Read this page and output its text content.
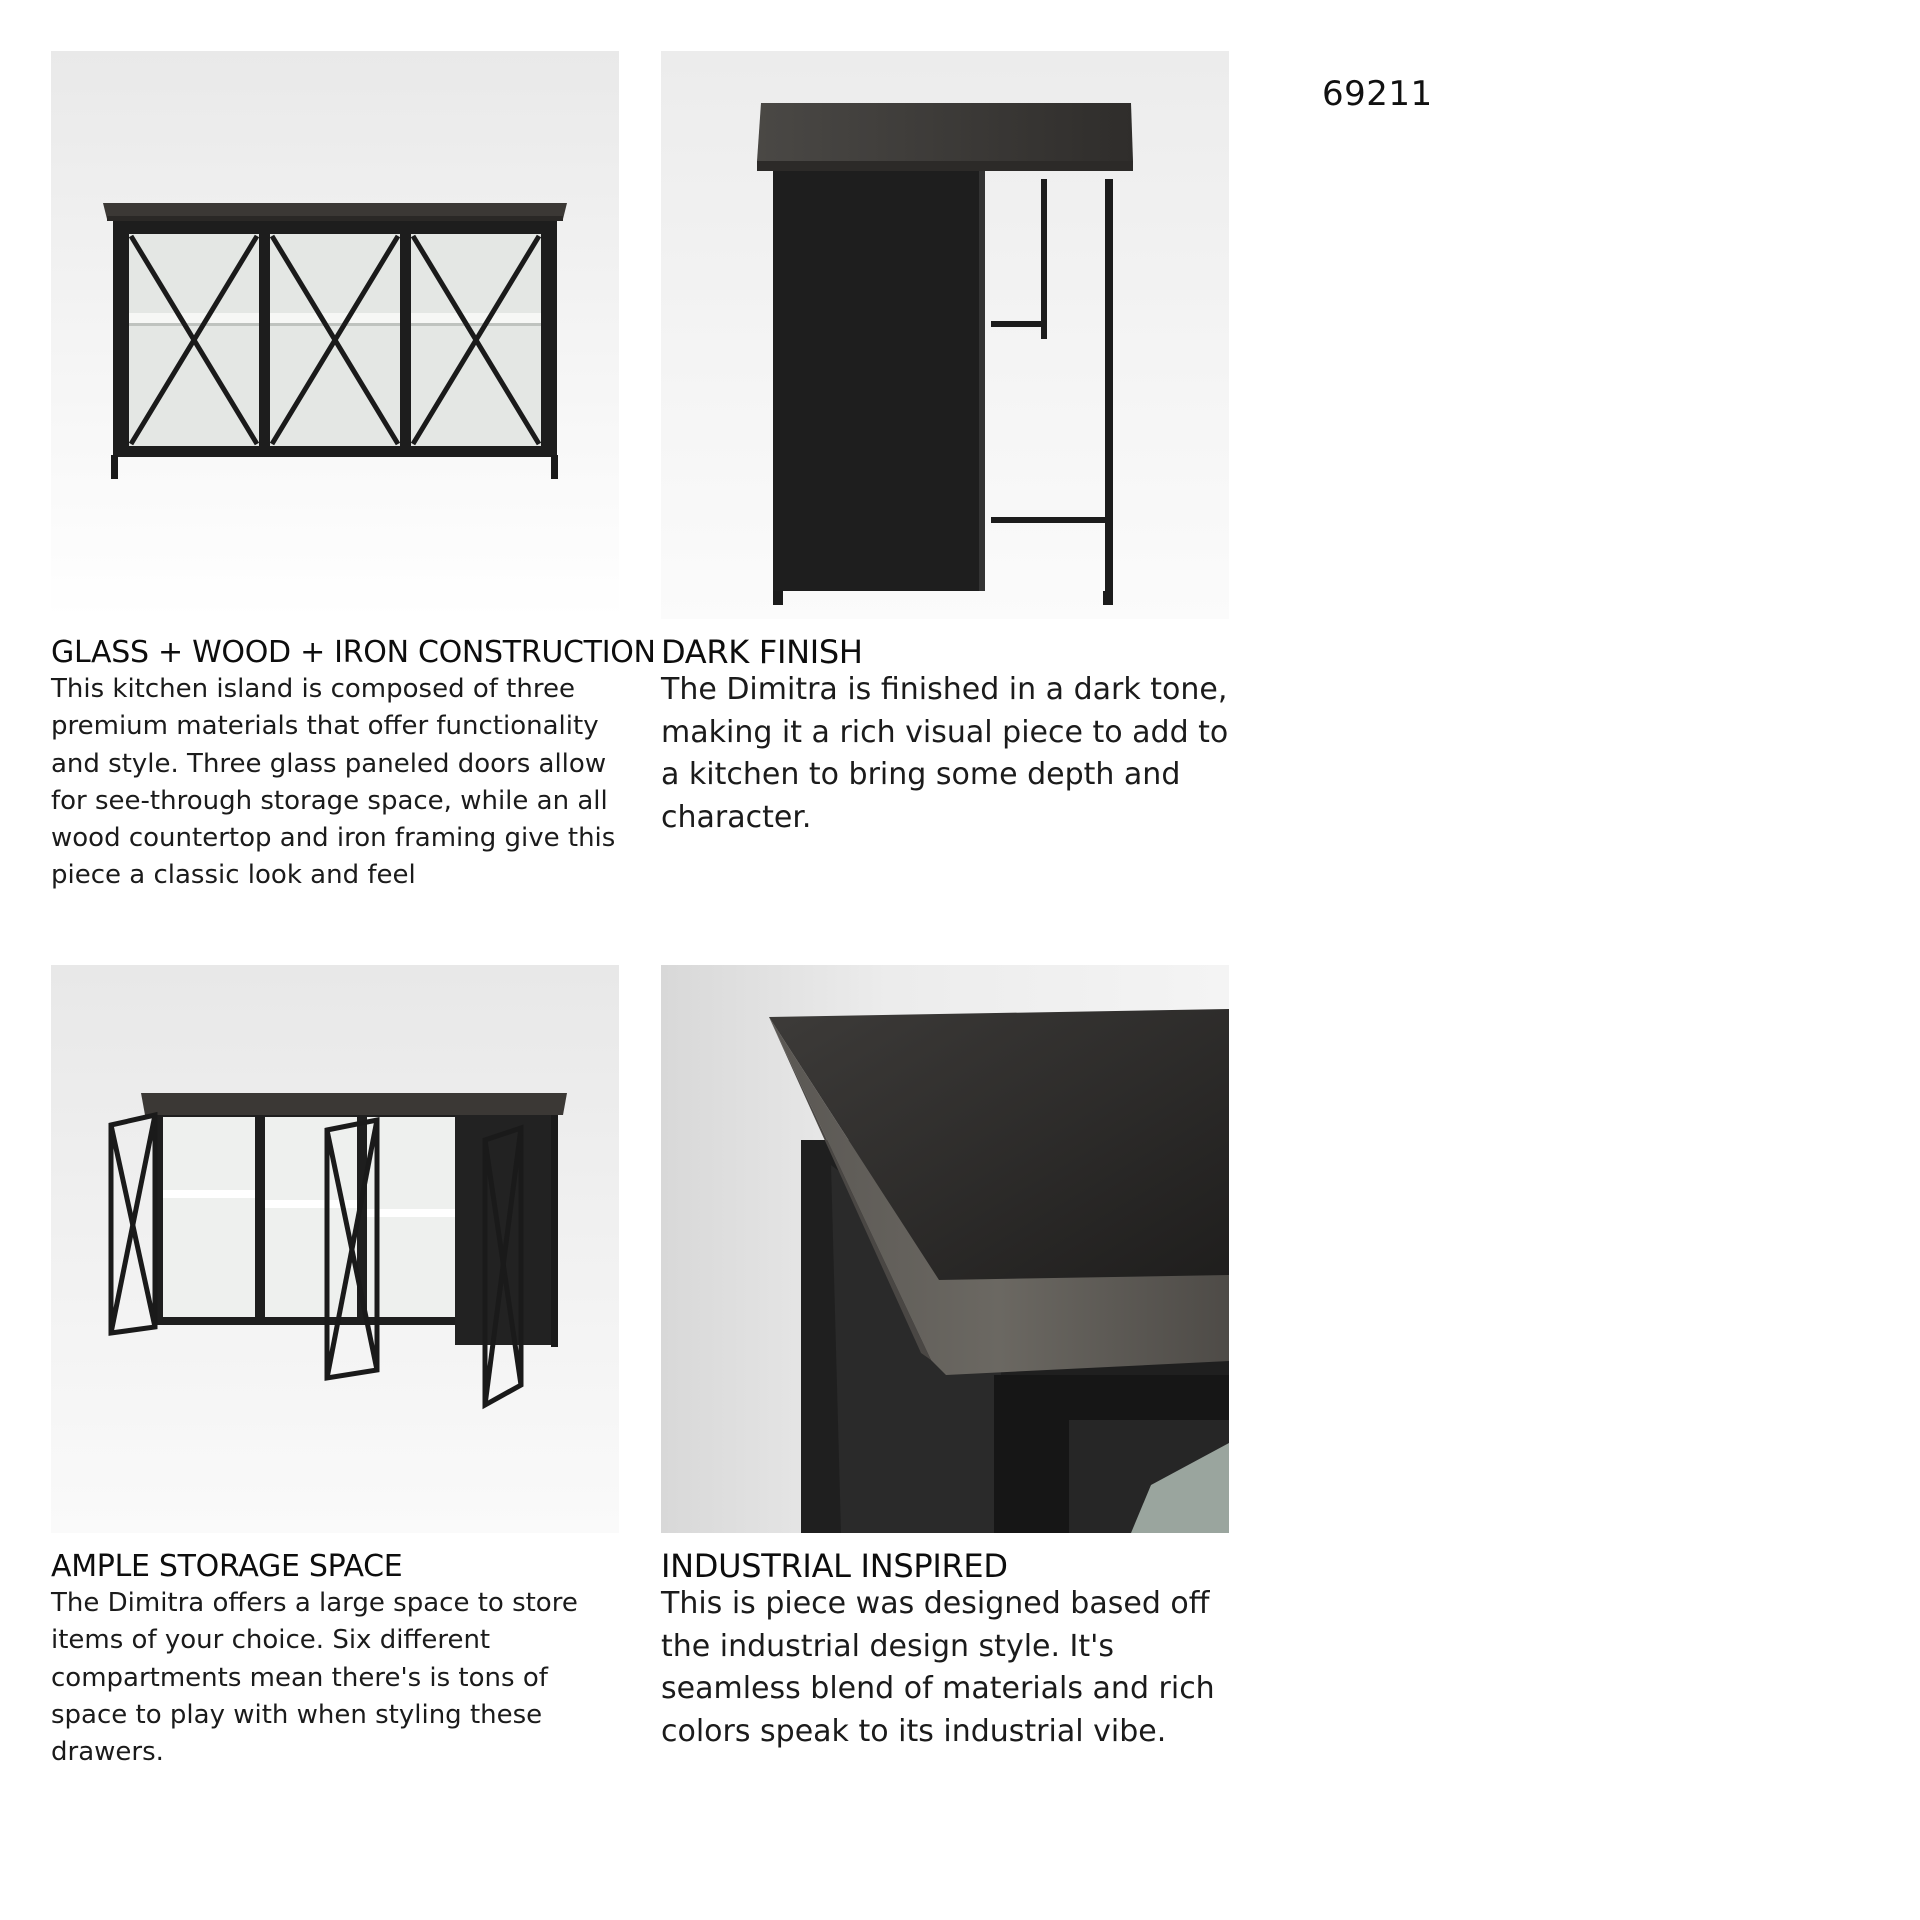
69211
GLASS + WOOD + IRON CONSTRUCTION

This kitchen island is composed of three premium materials that offer functionality and style. Three glass paneled doors allow for see-through storage space, while an all wood countertop and iron framing give this piece a classic look and feel

DARK FINISH

The Dimitra is finished in a dark tone, making it a rich visual piece to add to a kitchen to bring some depth and character.

AMPLE STORAGE SPACE

The Dimitra offers a large space to store items of your choice. Six different compartments mean there's is tons of space to play with when styling these drawers.

INDUSTRIAL INSPIRED

This is piece was designed based off the industrial design style. It's seamless blend of materials and rich colors speak to its industrial vibe.
